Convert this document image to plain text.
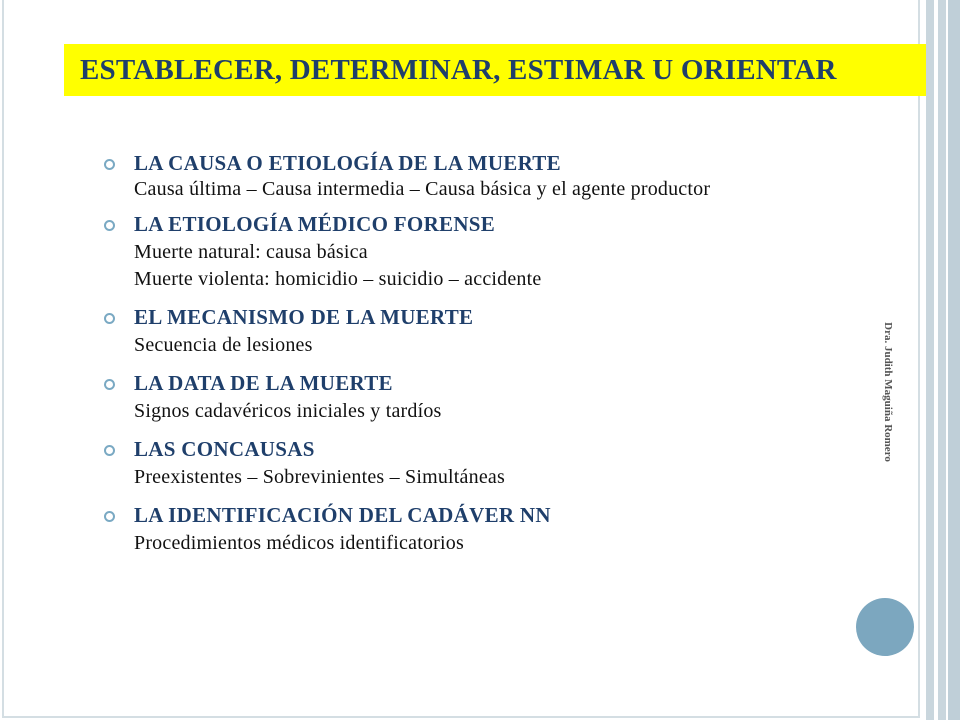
ESTABLECER, DETERMINAR, ESTIMAR U ORIENTAR
LA CAUSA O ETIOLOGÍA DE LA MUERTE
Causa última – Causa intermedia – Causa básica y el agente productor
LA ETIOLOGÍA MÉDICO FORENSE
Muerte natural: causa básica
Muerte violenta: homicidio – suicidio – accidente
EL MECANISMO DE LA MUERTE
Secuencia de lesiones
LA DATA DE LA MUERTE
Signos cadavéricos iniciales y tardíos
LAS CONCAUSAS
Preexistentes – Sobrevinientes – Simultáneas
LA IDENTIFICACIÓN DEL CADÁVER NN
Procedimientos médicos identificatorios
Dra. Judith Maguiña Romero
